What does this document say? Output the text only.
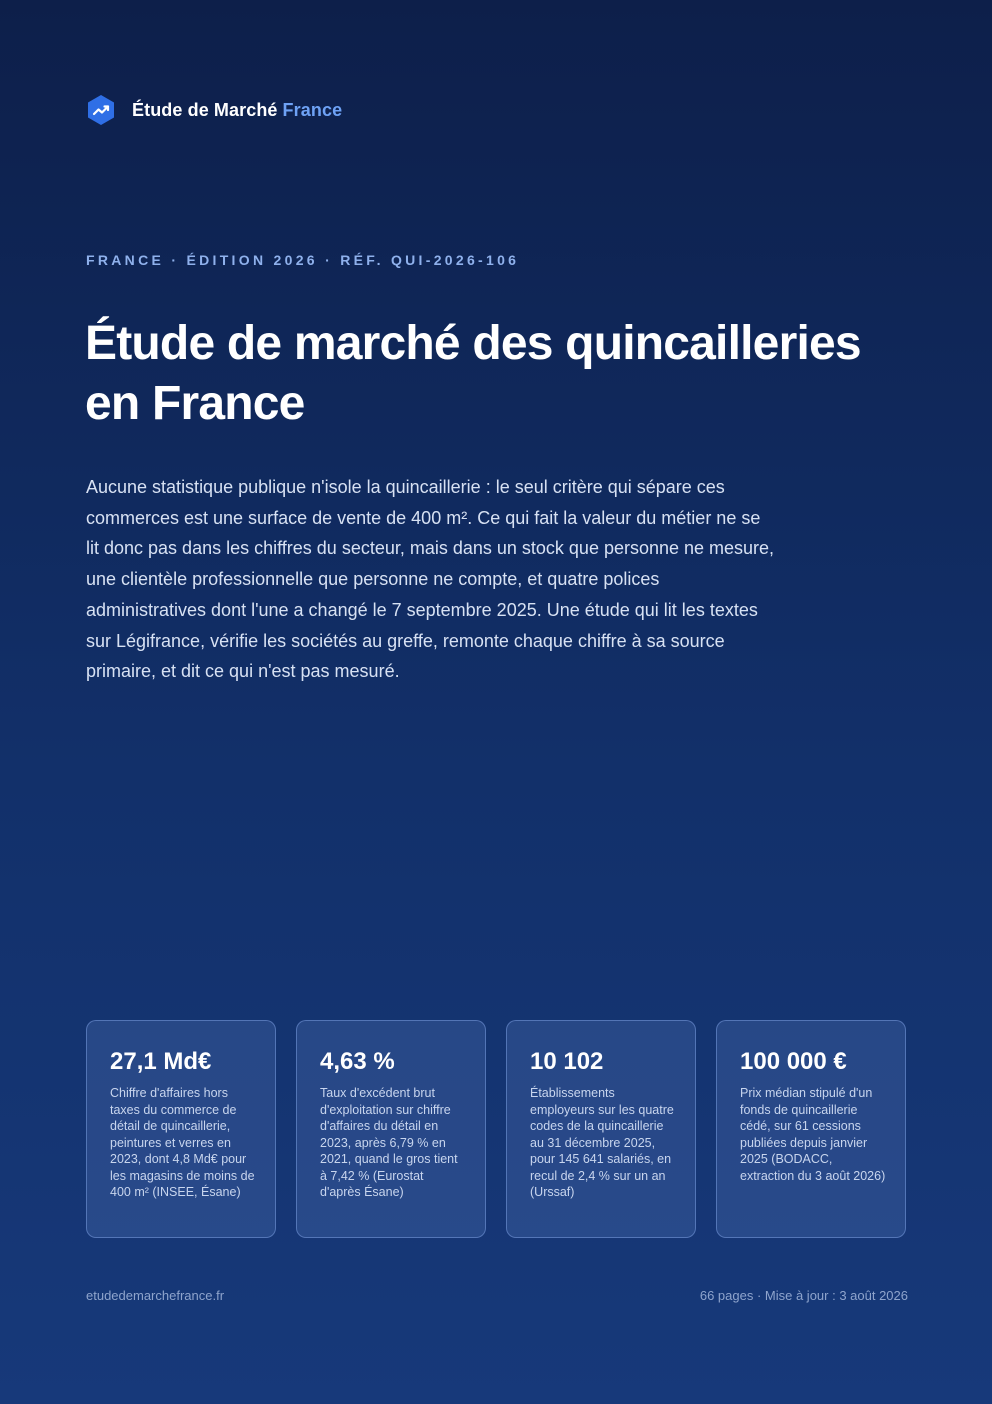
Étude de Marché France
FRANCE · ÉDITION 2026 · RÉF. QUI-2026-106
Étude de marché des quincailleries en France

Aucune statistique publique n'isole la quincaillerie : le seul critère qui sépare ces commerces est une surface de vente de 400 m². Ce qui fait la valeur du métier ne se lit donc pas dans les chiffres du secteur, mais dans un stock que personne ne mesure, une clientèle professionnelle que personne ne compte, et quatre polices administratives dont l'une a changé le 7 septembre 2025. Une étude qui lit les textes sur Légifrance, vérifie les sociétés au greffe, remonte chaque chiffre à sa source primaire, et dit ce qui n'est pas mesuré.

27,1 Md€
Chiffre d'affaires hors taxes du commerce de détail de quincaillerie, peintures et verres en 2023, dont 4,8 Md€ pour les magasins de moins de 400 m² (INSEE, Ésane)
4,63 %
Taux d'excédent brut d'exploitation sur chiffre d'affaires du détail en 2023, après 6,79 % en 2021, quand le gros tient à 7,42 % (Eurostat d'après Ésane)
10 102
Établissements employeurs sur les quatre codes de la quincaillerie au 31 décembre 2025, pour 145 641 salariés, en recul de 2,4 % sur un an (Urssaf)
100 000 €
Prix médian stipulé d'un fonds de quincaillerie cédé, sur 61 cessions publiées depuis janvier 2025 (BODACC, extraction du 3 août 2026)
etudedemarchefrance.fr	66 pages · Mise à jour : 3 août 2026
